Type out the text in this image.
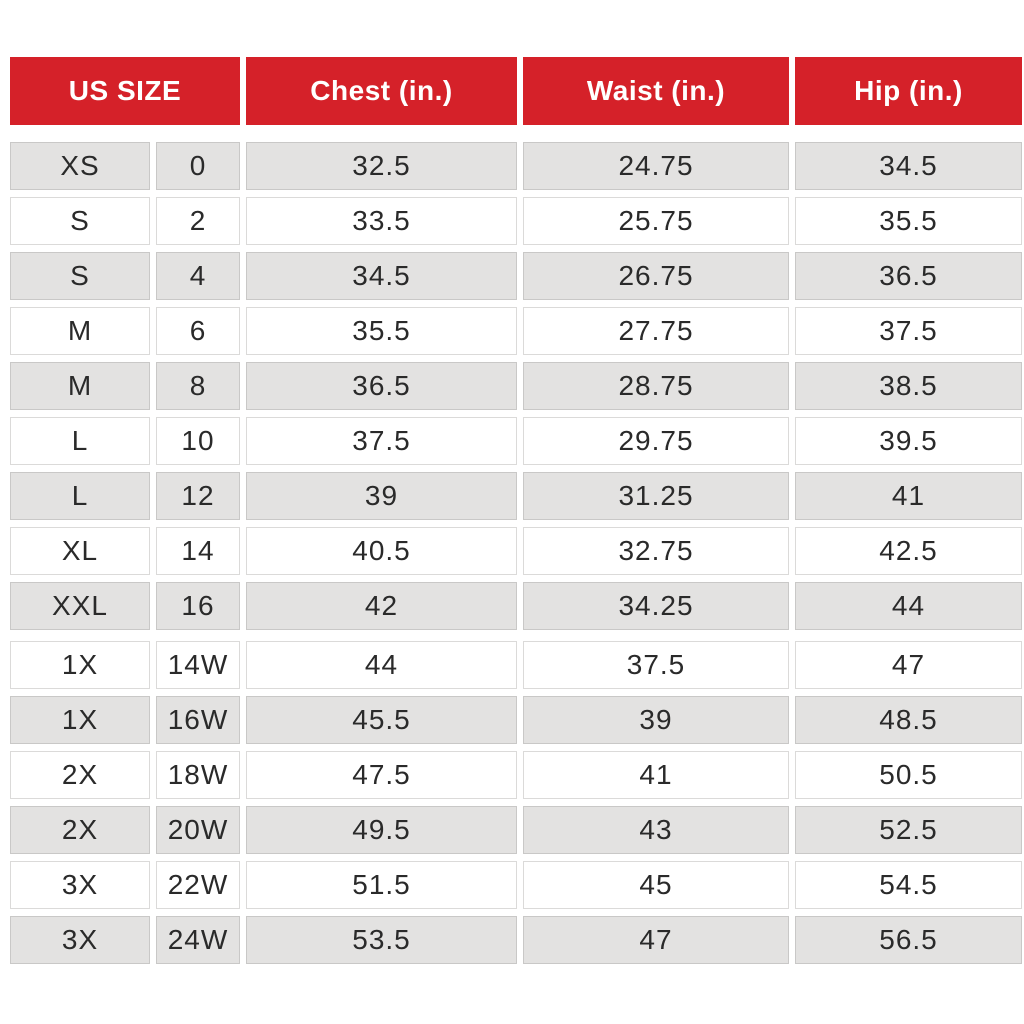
US SIZE	Chest (in.)	Waist (in.)	Hip (in.)
XS	0	32.5	24.75	34.5
S	2	33.5	25.75	35.5
S	4	34.5	26.75	36.5
M	6	35.5	27.75	37.5
M	8	36.5	28.75	38.5
L	10	37.5	29.75	39.5
L	12	39	31.25	41
XL	14	40.5	32.75	42.5
XXL	16	42	34.25	44
1X	14W	44	37.5	47
1X	16W	45.5	39	48.5
2X	18W	47.5	41	50.5
2X	20W	49.5	43	52.5
3X	22W	51.5	45	54.5
3X	24W	53.5	47	56.5
